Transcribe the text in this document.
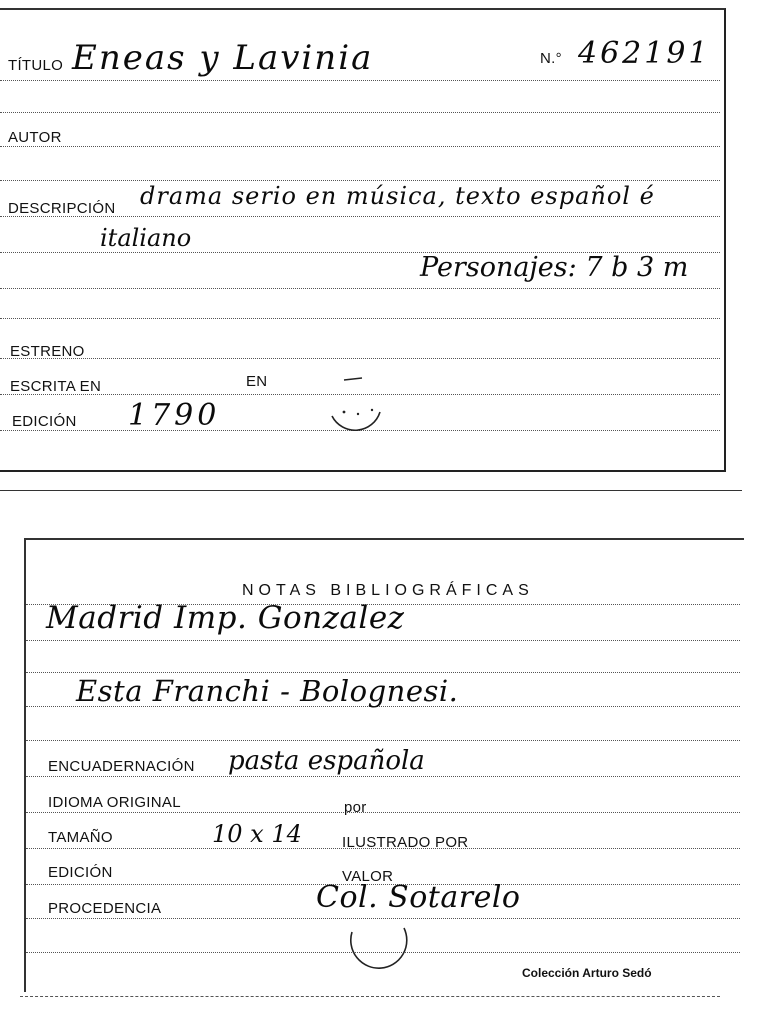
TÍTULO Eneas y Lavinia	N.° 462191
AUTOR
DESCRIPCIÓN drama serio en música, texto español é
italiano
Personajes: 7 b 3 m
ESTRENO
ESCRITA EN	EN
EDICIÓN 1790
NOTAS BIBLIOGRÁFICAS
Madrid Imp. Gonzalez
Esta Franchi - Bolognesi.
ENCUADERNACIÓN pasta española
IDIOMA ORIGINAL	por
TAMAÑO	10 x 14	ILUSTRADO POR
EDICIÓN	VALOR
PROCEDENCIA	Col. Sotarelo
Colección Arturo Sedó
